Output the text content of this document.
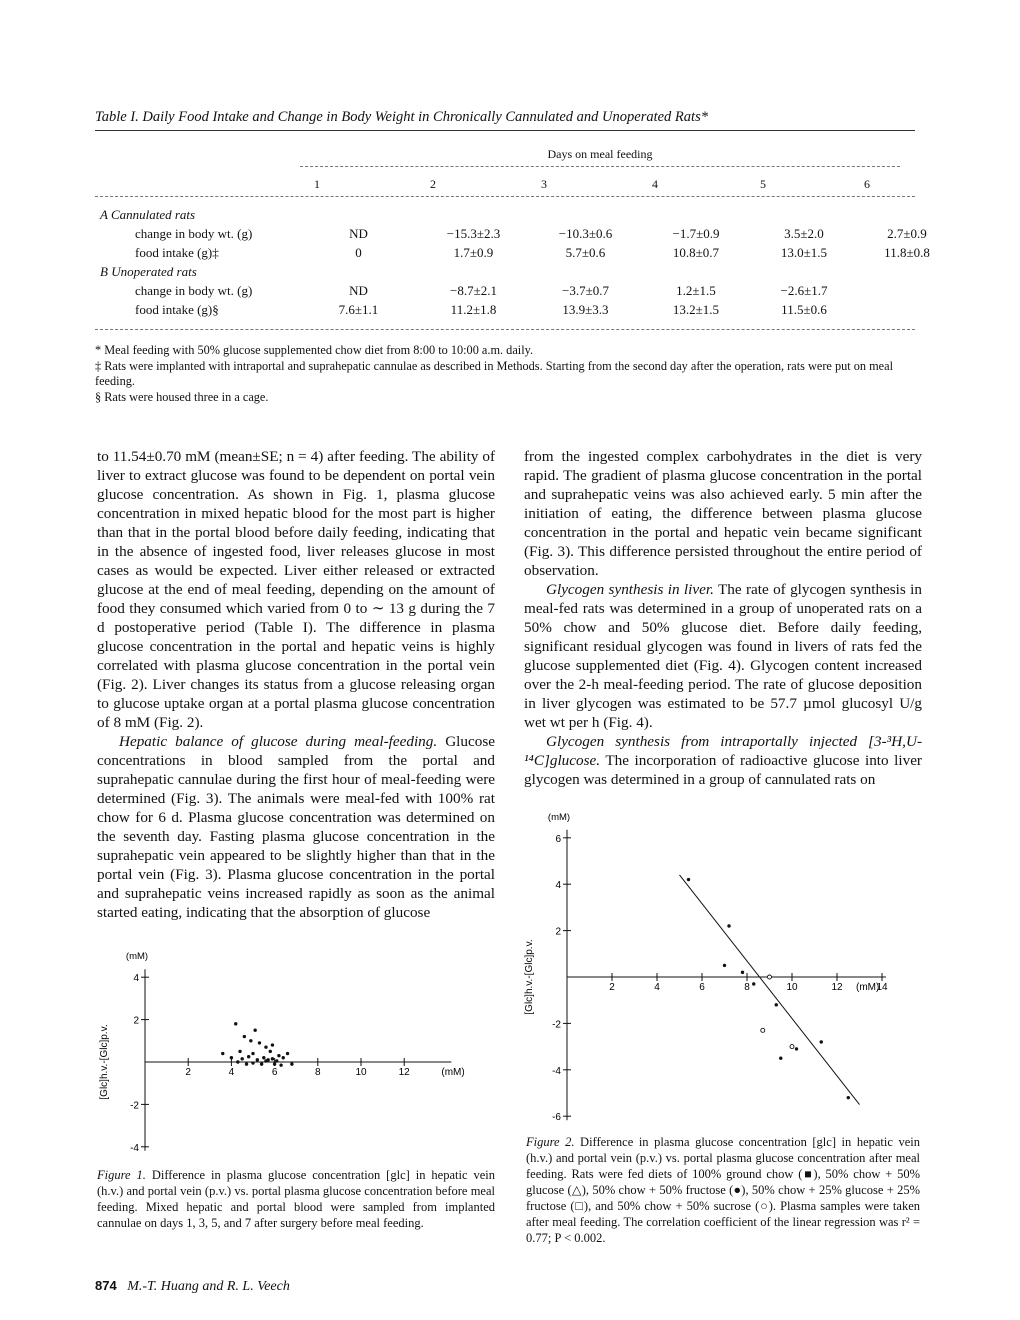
Table I. Daily Food Intake and Change in Body Weight in Chronically Cannulated and Unoperated Rats*
Days on meal feeding
1	2	3	4	5	6
A Cannulated rats						
change in body wt. (g)	ND	−15.3±2.3	−10.3±0.6	−1.7±0.9	3.5±2.0	2.7±0.9
food intake (g)‡	0	1.7±0.9	5.7±0.6	10.8±0.7	13.0±1.5	11.8±0.8
B Unoperated rats						
change in body wt. (g)	ND	−8.7±2.1	−3.7±0.7	1.2±1.5	−2.6±1.7	
food intake (g)§	7.6±1.1	11.2±1.8	13.9±3.3	13.2±1.5	11.5±0.6	
* Meal feeding with 50% glucose supplemented chow diet from 8:00 to 10:00 a.m. daily.
‡ Rats were implanted with intraportal and suprahepatic cannulae as described in Methods. Starting from the second day after the operation, rats were put on meal feeding.
§ Rats were housed three in a cage.

to 11.54±0.70 mM (mean±SE; n = 4) after feeding. The ability of liver to extract glucose was found to be dependent on portal vein glucose concentration. As shown in Fig. 1, plasma glucose concentration in mixed hepatic blood for the most part is higher than that in the portal blood before daily feeding, indicating that in the absence of ingested food, liver releases glucose in most cases as would be expected. Liver either released or extracted glucose at the end of meal feeding, depending on the amount of food they consumed which varied from 0 to ∼ 13 g during the 7 d postoperative period (Table I). The difference in plasma glucose concentration in the portal and hepatic veins is highly correlated with plasma glucose concentration in the portal vein (Fig. 2). Liver changes its status from a glucose releasing organ to glucose uptake organ at a portal plasma glucose concentration of 8 mM (Fig. 2).

Hepatic balance of glucose during meal-feeding. Glucose concentrations in blood sampled from the portal and suprahepatic cannulae during the first hour of meal-feeding were determined (Fig. 3). The animals were meal-fed with 100% rat chow for 6 d. Plasma glucose concentration was determined on the seventh day. Fasting plasma glucose concentration in the suprahepatic vein appeared to be slightly higher than that in the portal vein (Fig. 3). Plasma glucose concentration in the portal and suprahepatic veins increased rapidly as soon as the animal started eating, indicating that the absorption of glucose

from the ingested complex carbohydrates in the diet is very rapid. The gradient of plasma glucose concentration in the portal and suprahepatic veins was also achieved early. 5 min after the initiation of eating, the difference between plasma glucose concentration in the portal and hepatic vein became significant (Fig. 3). This difference persisted throughout the entire period of observation.

Glycogen synthesis in liver. The rate of glycogen synthesis in meal-fed rats was determined in a group of unoperated rats on a 50% chow and 50% glucose diet. Before daily feeding, significant residual glycogen was found in livers of rats fed the glucose supplemented diet (Fig. 4). Glycogen content increased over the 2-h meal-feeding period. The rate of glucose deposition in liver glycogen was estimated to be 57.7 µmol glucosyl U/g wet wt per h (Fig. 4).

Glycogen synthesis from intraportally injected [3-³H,U-¹⁴C]glucose. The incorporation of radioactive glucose into liver glycogen was determined in a group of cannulated rats on

2	4	6	8	10	12	(mM)
4
2
-2
-4
(mM)
[Glc]h.v.-[Glc]p.v.
Figure 1. Difference in plasma glucose concentration [glc] in hepatic vein (h.v.) and portal vein (p.v.) vs. portal plasma glucose concentration before meal feeding. Mixed hepatic and portal blood were sampled from implanted cannulae on days 1, 3, 5, and 7 after surgery before meal feeding.
2	4	6	8	10	12	14
(mM)
6
4
2
-2
-4
-6
(mM)
[Glc]h.v.-[Glc]p.v.
Figure 2. Difference in plasma glucose concentration [glc] in hepatic vein (h.v.) and portal vein (p.v.) vs. portal plasma glucose concentration after meal feeding. Rats were fed diets of 100% ground chow (■), 50% chow + 50% glucose (△), 50% chow + 50% fructose (●), 50% chow + 25% glucose + 25% fructose (□), and 50% chow + 50% sucrose (○). Plasma samples were taken after meal feeding. The correlation coefficient of the linear regression was r² = 0.77; P < 0.002.
874 M.-T. Huang and R. L. Veech
